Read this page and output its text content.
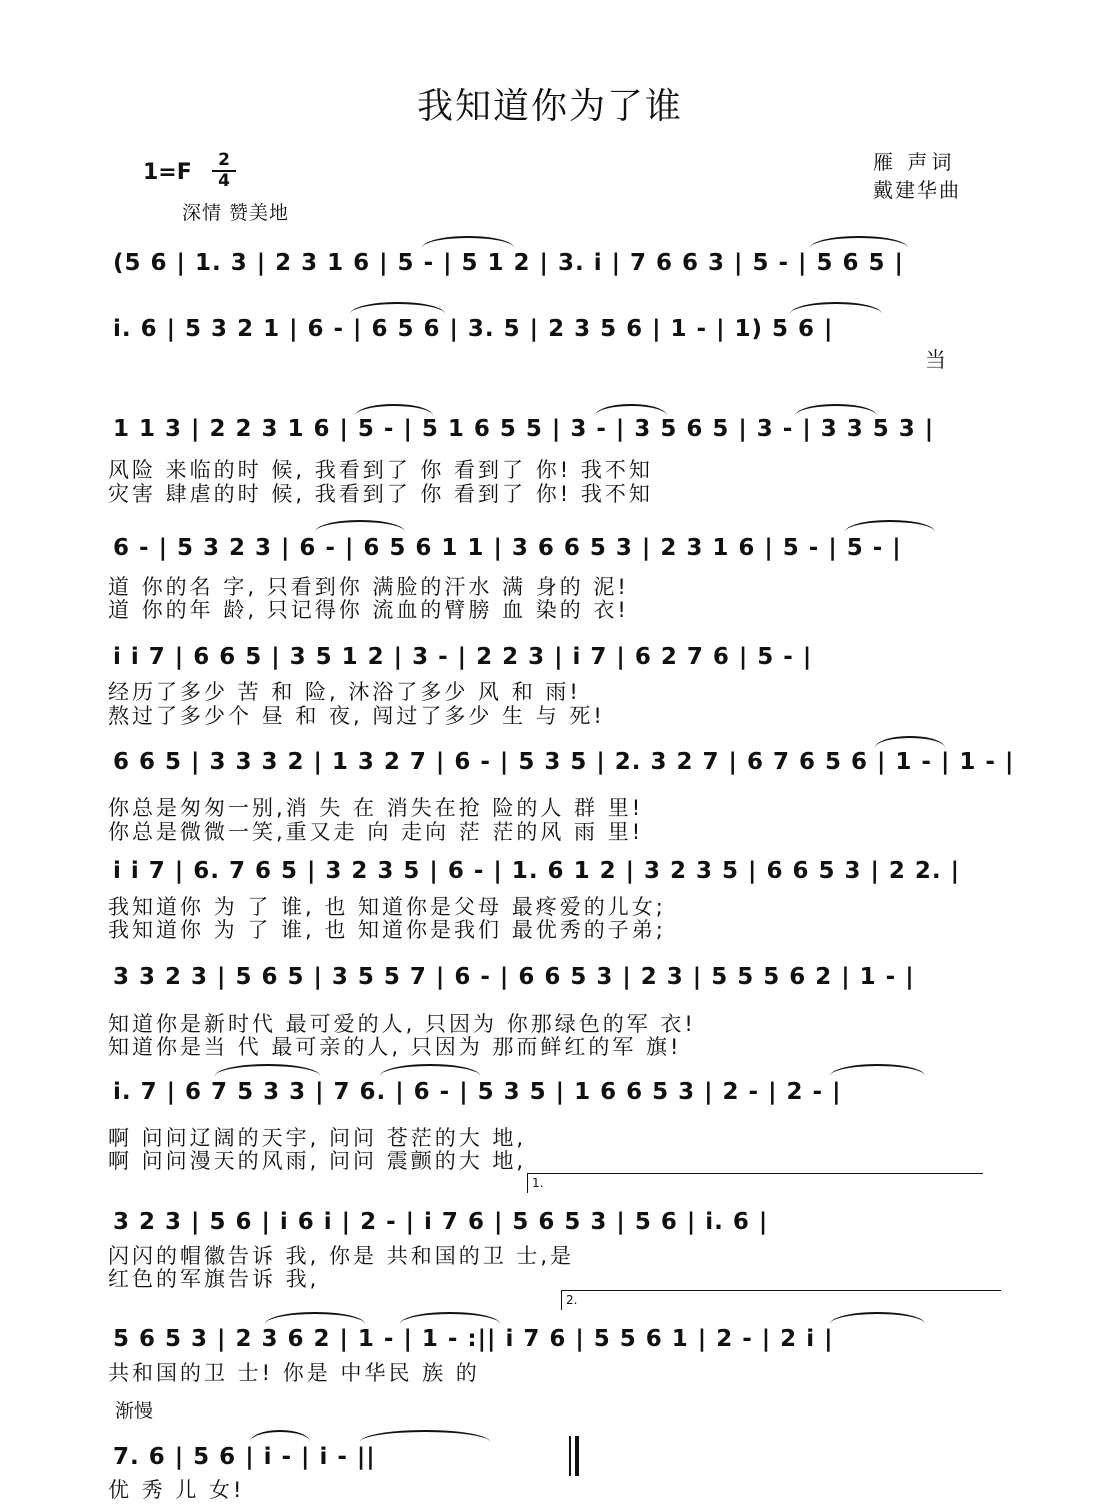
我知道你为了谁
雁 声词
戴建华曲
1=F	2
4
深情 赞美地
(5 6 | 1. 3 | 2 3 1 6 | 5 - | 5 1 2 | 3. i | 7 6 6 3 | 5 - | 5 6 5 |
i. 6 | 5 3 2 1 | 6 - | 6 5 6 | 3. 5 | 2 3 5 6 | 1 - | 1) 5 6 |
当
1 1 3 | 2 2 3 1 6 | 5 - | 5 1 6 5 5 | 3 - | 3 5 6 5 | 3 - | 3 3 5 3 |
风险 来临的时 候, 我看到了 你 看到了 你! 我不知
灾害 肆虐的时 候, 我看到了 你 看到了 你! 我不知
6 - | 5 3 2 3 | 6 - | 6 5 6 1 1 | 3 6 6 5 3 | 2 3 1 6 | 5 - | 5 - |
道 你的名 字, 只看到你 满脸的汗水 满 身的 泥!
道 你的年 龄, 只记得你 流血的臂膀 血 染的 衣!
i i 7 | 6 6 5 | 3 5 1 2 | 3 - | 2 2 3 | i 7 | 6 2 7 6 | 5 - |
经历了多少 苦 和 险, 沐浴了多少 风 和 雨!
熬过了多少个 昼 和 夜, 闯过了多少 生 与 死!
6 6 5 | 3 3 3 2 | 1 3 2 7 | 6 - | 5 3 5 | 2. 3 2 7 | 6 7 6 5 6 | 1 - | 1 - |
你总是匆匆一别,消 失 在 消失在抢 险的人 群 里!
你总是微微一笑,重又走 向 走向 茫 茫的风 雨 里!
i i 7 | 6. 7 6 5 | 3 2 3 5 | 6 - | 1. 6 1 2 | 3 2 3 5 | 6 6 5 3 | 2 2. |
我知道你 为 了 谁, 也 知道你是父母 最疼爱的儿女;
我知道你 为 了 谁, 也 知道你是我们 最优秀的子弟;
3 3 2 3 | 5 6 5 | 3 5 5 7 | 6 - | 6 6 5 3 | 2 3 | 5 5 5 6 2 | 1 - |
知道你是新时代 最可爱的人, 只因为 你那绿色的军 衣!
知道你是当 代 最可亲的人, 只因为 那而鲜红的军 旗!
i. 7 | 6 7 5 3 3 | 7 6. | 6 - | 5 3 5 | 1 6 6 5 3 | 2 - | 2 - |
啊 问问辽阔的天宇, 问问 苍茫的大 地,
啊 问问漫天的风雨, 问问 震颤的大 地,
1.
3 2 3 | 5 6 | i 6 i | 2 - | i 7 6 | 5 6 5 3 | 5 6 | i. 6 |
闪闪的帽徽告诉 我, 你是 共和国的卫 士,是
红色的军旗告诉 我,
2.
5 6 5 3 | 2 3 6 2 | 1 - | 1 - :|| i 7 6 | 5 5 6 1 | 2 - | 2 i |
共和国的卫 士! 你是 中华民 族 的
渐慢
7. 6 | 5 6 | i - | i - ||
优 秀 儿 女!
